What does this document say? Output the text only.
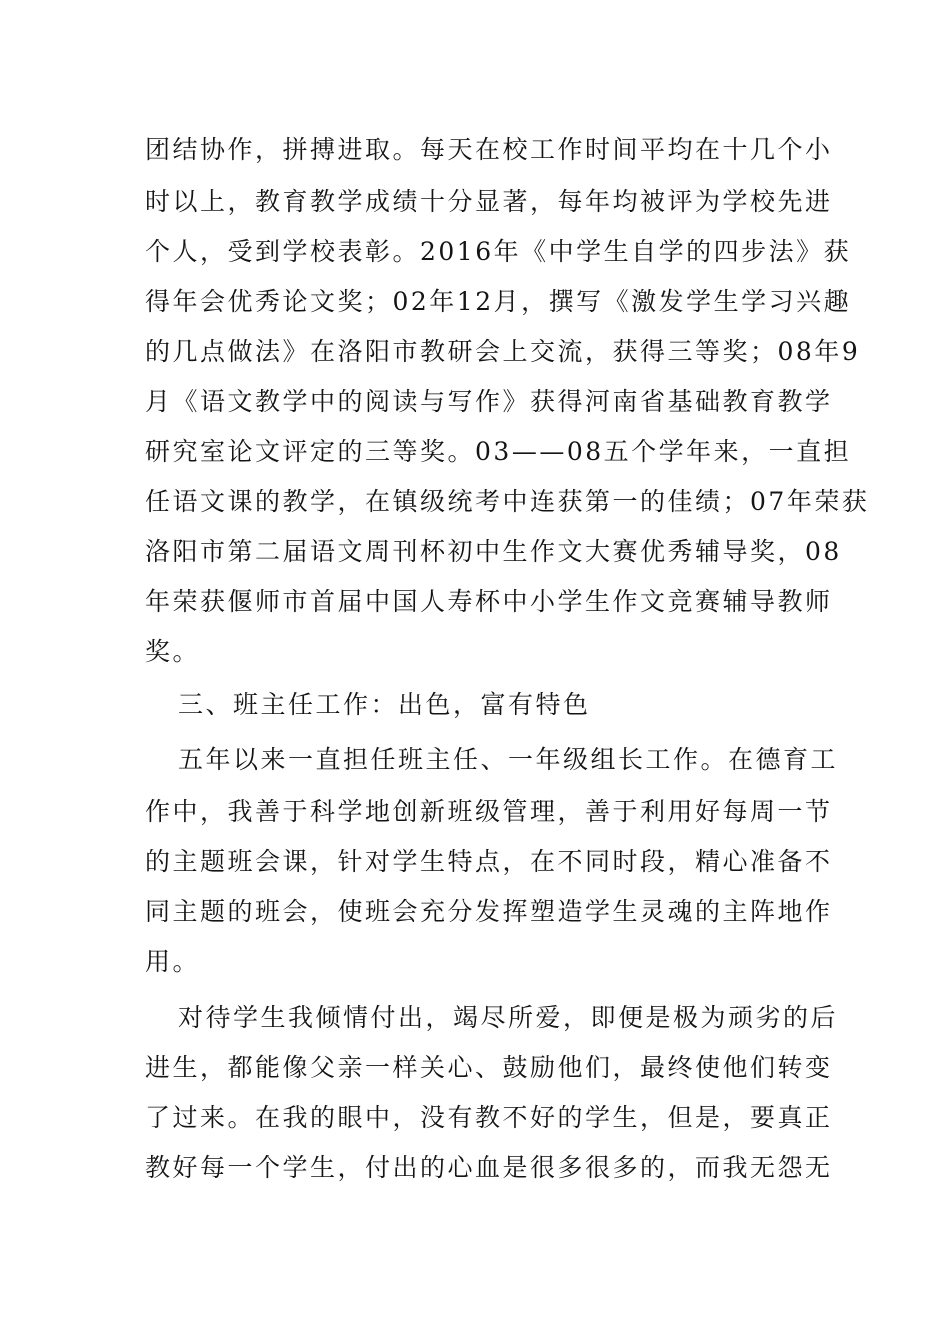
团结协作，拼搏进取。每天在校工作时间平均在十几个小
时以上，教育教学成绩十分显著，每年均被评为学校先进
个人，受到学校表彰。2016年《中学生自学的四步法》获
得年会优秀论文奖；02年12月，撰写《激发学生学习兴趣
的几点做法》在洛阳市教研会上交流，获得三等奖；08年9
月《语文教学中的阅读与写作》获得河南省基础教育教学
研究室论文评定的三等奖。03——08五个学年来，一直担
任语文课的教学，在镇级统考中连获第一的佳绩；07年荣获
洛阳市第二届语文周刊杯初中生作文大赛优秀辅导奖，08
年荣获偃师市首届中国人寿杯中小学生作文竞赛辅导教师
奖。
三、班主任工作：出色，富有特色
五年以来一直担任班主任、一年级组长工作。在德育工
作中，我善于科学地创新班级管理，善于利用好每周一节
的主题班会课，针对学生特点，在不同时段，精心准备不
同主题的班会，使班会充分发挥塑造学生灵魂的主阵地作
用。
对待学生我倾情付出，竭尽所爱，即便是极为顽劣的后
进生，都能像父亲一样关心、鼓励他们，最终使他们转变
了过来。在我的眼中，没有教不好的学生，但是，要真正
教好每一个学生，付出的心血是很多很多的，而我无怨无
